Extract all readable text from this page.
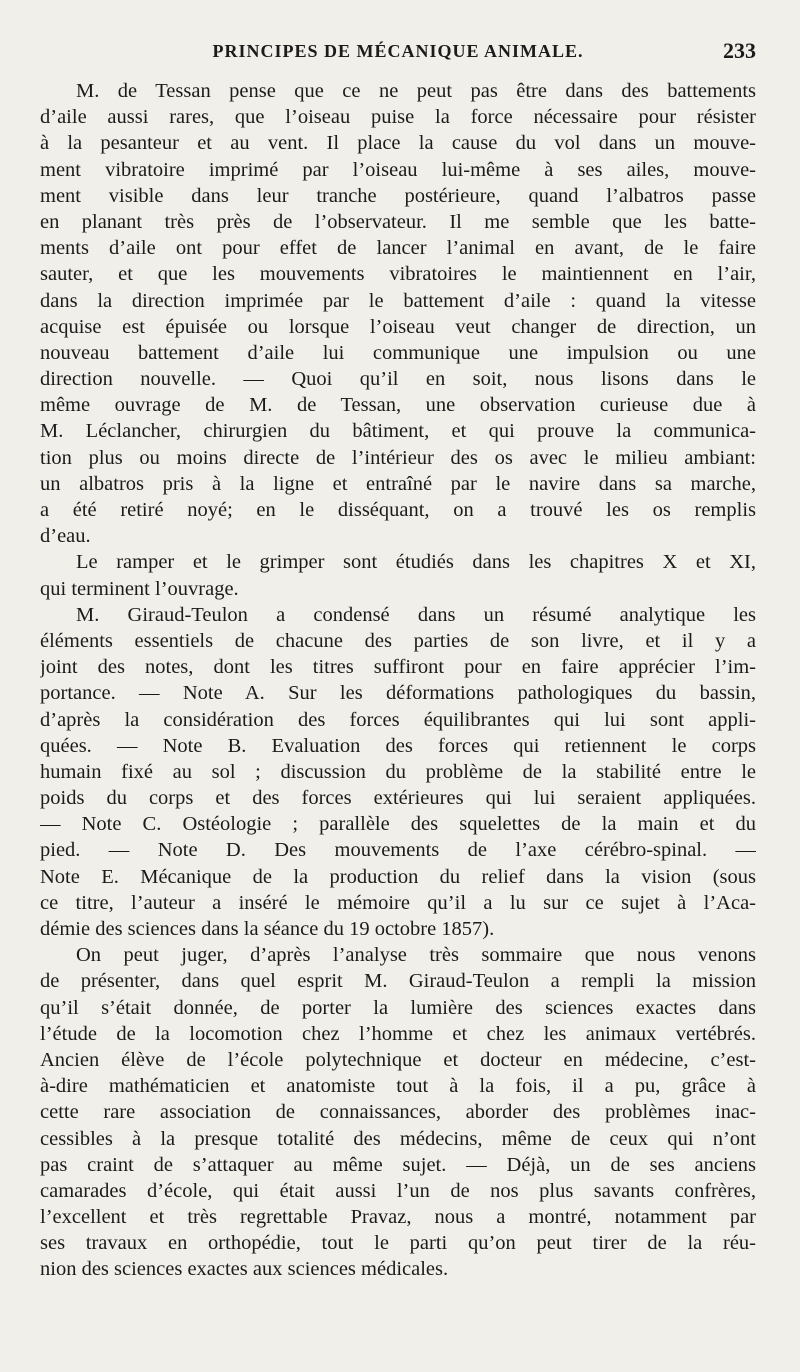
PRINCIPES DE MÉCANIQUE ANIMALE.	233
M. de Tessan pense que ce ne peut pas être dans des battements
d’aile aussi rares, que l’oiseau puise la force nécessaire pour résister
à la pesanteur et au vent. Il place la cause du vol dans un mouve-
ment vibratoire imprimé par l’oiseau lui-même à ses ailes, mouve-
ment visible dans leur tranche postérieure, quand l’albatros passe
en planant très près de l’observateur. Il me semble que les batte-
ments d’aile ont pour effet de lancer l’animal en avant, de le faire
sauter, et que les mouvements vibratoires le maintiennent en l’air,
dans la direction imprimée par le battement d’aile : quand la vitesse
acquise est épuisée ou lorsque l’oiseau veut changer de direction, un
nouveau battement d’aile lui communique une impulsion ou une
direction nouvelle. — Quoi qu’il en soit, nous lisons dans le
même ouvrage de M. de Tessan, une observation curieuse due à
M. Léclancher, chirurgien du bâtiment, et qui prouve la communica-
tion plus ou moins directe de l’intérieur des os avec le milieu ambiant:
un albatros pris à la ligne et entraîné par le navire dans sa marche,
a été retiré noyé; en le disséquant, on a trouvé les os remplis
d’eau.
Le ramper et le grimper sont étudiés dans les chapitres X et XI,
qui terminent l’ouvrage.
M. Giraud-Teulon a condensé dans un résumé analytique les
éléments essentiels de chacune des parties de son livre, et il y a
joint des notes, dont les titres suffiront pour en faire apprécier l’im-
portance. — Note A. Sur les déformations pathologiques du bassin,
d’après la considération des forces équilibrantes qui lui sont appli-
quées. — Note B. Evaluation des forces qui retiennent le corps
humain fixé au sol ; discussion du problème de la stabilité entre le
poids du corps et des forces extérieures qui lui seraient appliquées.
— Note C. Ostéologie ; parallèle des squelettes de la main et du
pied. — Note D. Des mouvements de l’axe cérébro-spinal. —
Note E. Mécanique de la production du relief dans la vision (sous
ce titre, l’auteur a inséré le mémoire qu’il a lu sur ce sujet à l’Aca-
démie des sciences dans la séance du 19 octobre 1857).
On peut juger, d’après l’analyse très sommaire que nous venons
de présenter, dans quel esprit M. Giraud-Teulon a rempli la mission
qu’il s’était donnée, de porter la lumière des sciences exactes dans
l’étude de la locomotion chez l’homme et chez les animaux vertébrés.
Ancien élève de l’école polytechnique et docteur en médecine, c’est-
à-dire mathématicien et anatomiste tout à la fois, il a pu, grâce à
cette rare association de connaissances, aborder des problèmes inac-
cessibles à la presque totalité des médecins, même de ceux qui n’ont
pas craint de s’attaquer au même sujet. — Déjà, un de ses anciens
camarades d’école, qui était aussi l’un de nos plus savants confrères,
l’excellent et très regrettable Pravaz, nous a montré, notamment par
ses travaux en orthopédie, tout le parti qu’on peut tirer de la réu-
nion des sciences exactes aux sciences médicales.
